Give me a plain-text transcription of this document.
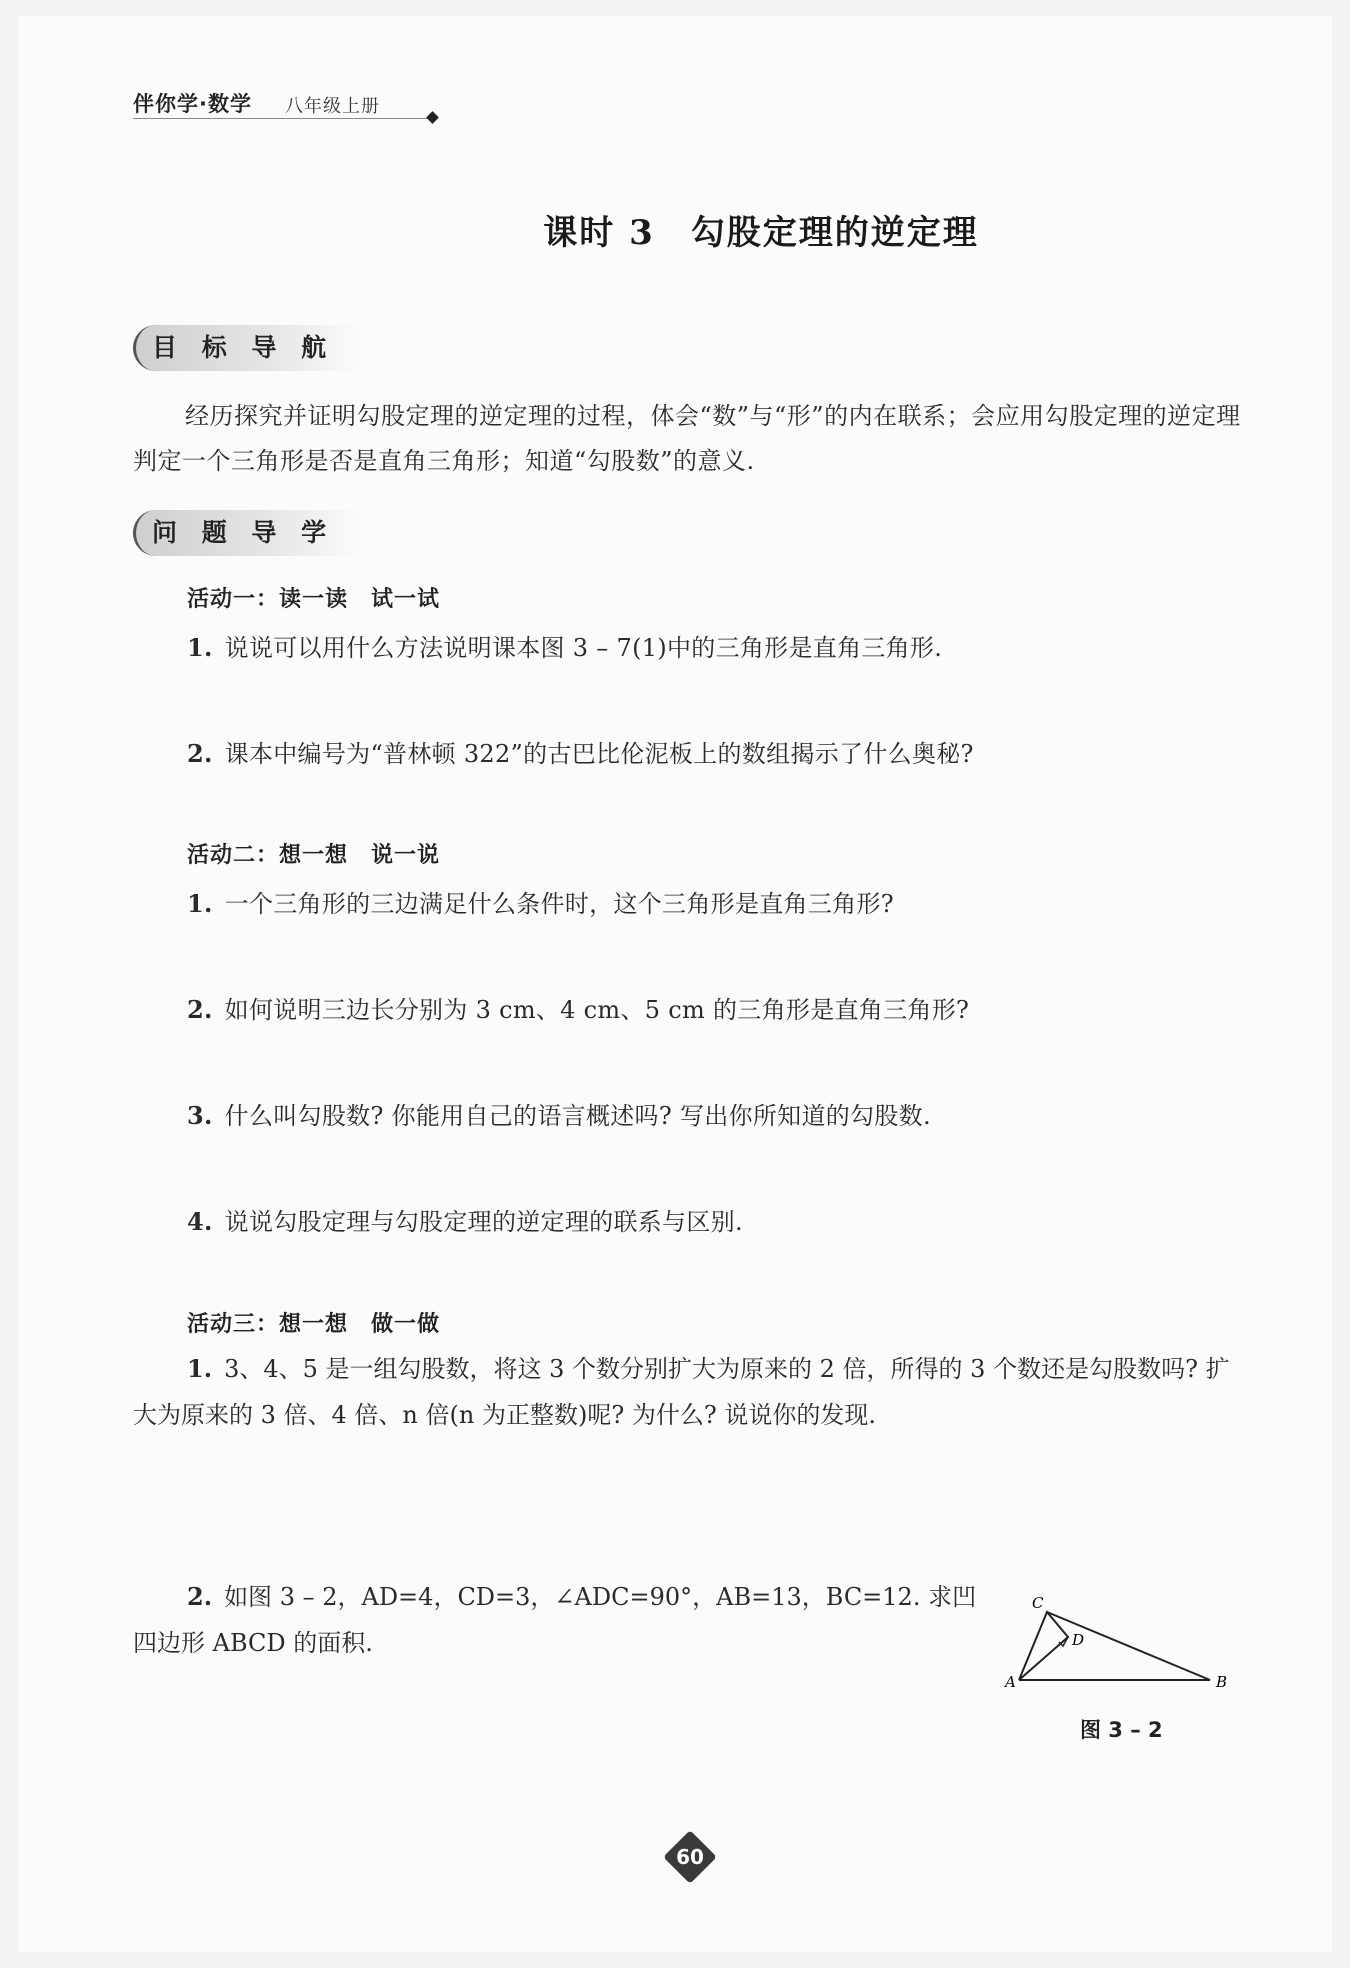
伴你学·数学 八年级上册
课时 3　勾股定理的逆定理
目 标 导 航
经历探究并证明勾股定理的逆定理的过程，体会“数”与“形”的内在联系；会应用勾股定理的逆定理判定一个三角形是否是直角三角形；知道“勾股数”的意义.
问 题 导 学
活动一：读一读　试一试
1. 说说可以用什么方法说明课本图 3 – 7(1)中的三角形是直角三角形.
2. 课本中编号为“普林顿 322”的古巴比伦泥板上的数组揭示了什么奥秘?
活动二：想一想　说一说
1. 一个三角形的三边满足什么条件时，这个三角形是直角三角形?
2. 如何说明三边长分别为 3 cm、4 cm、5 cm 的三角形是直角三角形?
3. 什么叫勾股数? 你能用自己的语言概述吗? 写出你所知道的勾股数.
4. 说说勾股定理与勾股定理的逆定理的联系与区别.
活动三：想一想　做一做
1. 3、4、5 是一组勾股数，将这 3 个数分别扩大为原来的 2 倍，所得的 3 个数还是勾股数吗? 扩大为原来的 3 倍、4 倍、n 倍(n 为正整数)呢? 为什么? 说说你的发现.
2. 如图 3 – 2，AD=4，CD=3，∠ADC=90°，AB=13，BC=12. 求凹四边形 ABCD 的面积.
C
D
A	B
图 3 – 2
60
